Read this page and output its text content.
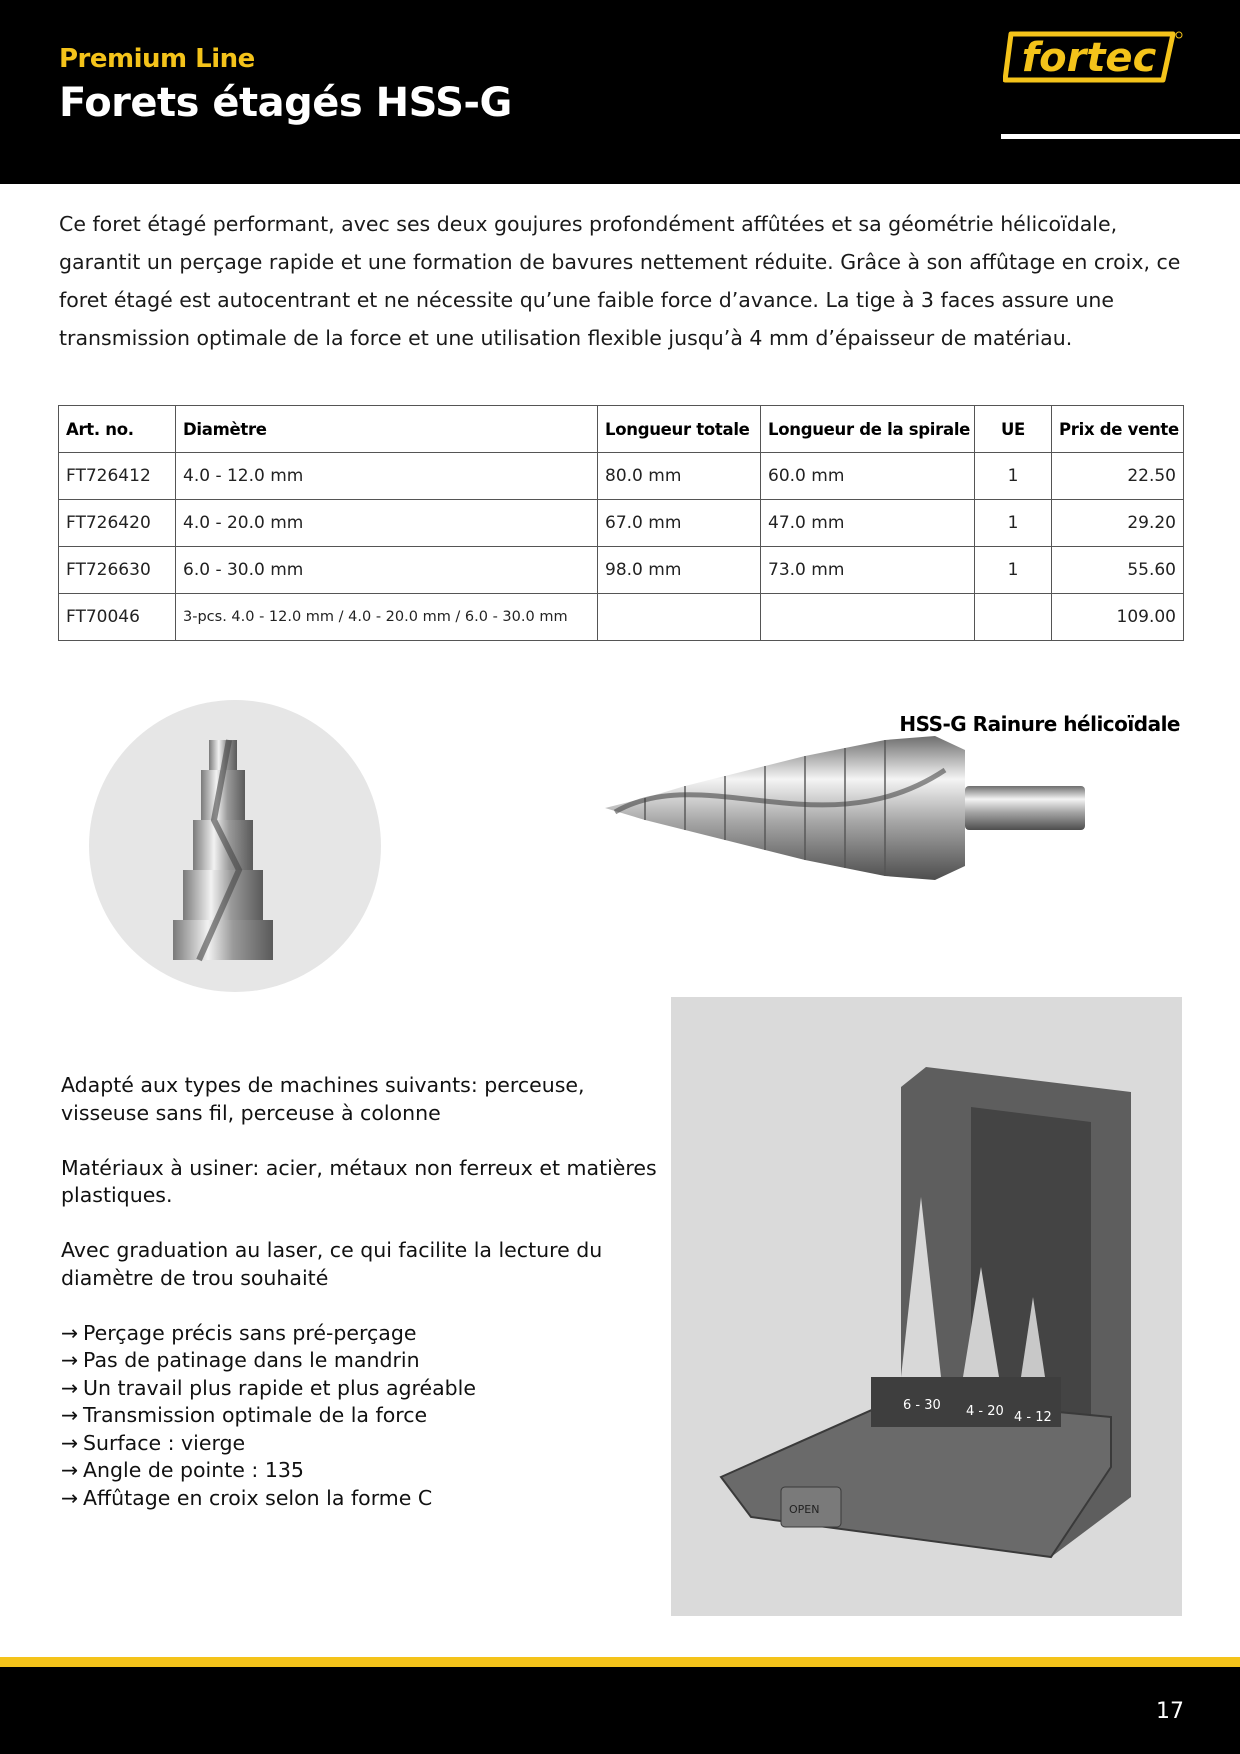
Premium Line
Forets étagés HSS-G
fortec

Ce foret étagé performant, avec ses deux goujures profondément affûtées et sa géométrie hélicoïdale, garantit un perçage rapide et une formation de bavures nettement réduite. Grâce à son affûtage en croix, ce foret étagé est autocentrant et ne nécessite qu’une faible force d’avance. La tige à 3 faces assure une transmission optimale de la force et une utilisation flexible jusqu’à 4 mm d’épaisseur de matériau.

Art. no.	Diamètre	Longueur totale	Longueur de la spirale	UE	Prix de vente
FT726412	4.0 - 12.0 mm	80.0 mm	60.0 mm	1	22.50
FT726420	4.0 - 20.0 mm	67.0 mm	47.0 mm	1	29.20
FT726630	6.0 - 30.0 mm	98.0 mm	73.0 mm	1	55.60
FT70046	3-pcs. 4.0 - 12.0 mm / 4.0 - 20.0 mm / 6.0 - 30.0 mm				109.00
HSS-G Rainure hélicoïdale
6 - 30 4 - 20 4 - 12
OPEN

Adapté aux types de machines suivants: perceuse, visseuse sans fil, perceuse à colonne

Matériaux à usiner: acier, métaux non ferreux et matières plastiques.

Avec graduation au laser, ce qui facilite la lecture du diamètre de trou souhaité

→ Perçage précis sans pré-perçage
→ Pas de patinage dans le mandrin
→ Un travail plus rapide et plus agréable
→ Transmission optimale de la force
→ Surface : vierge
→ Angle de pointe : 135
→ Affûtage en croix selon la forme C
17
